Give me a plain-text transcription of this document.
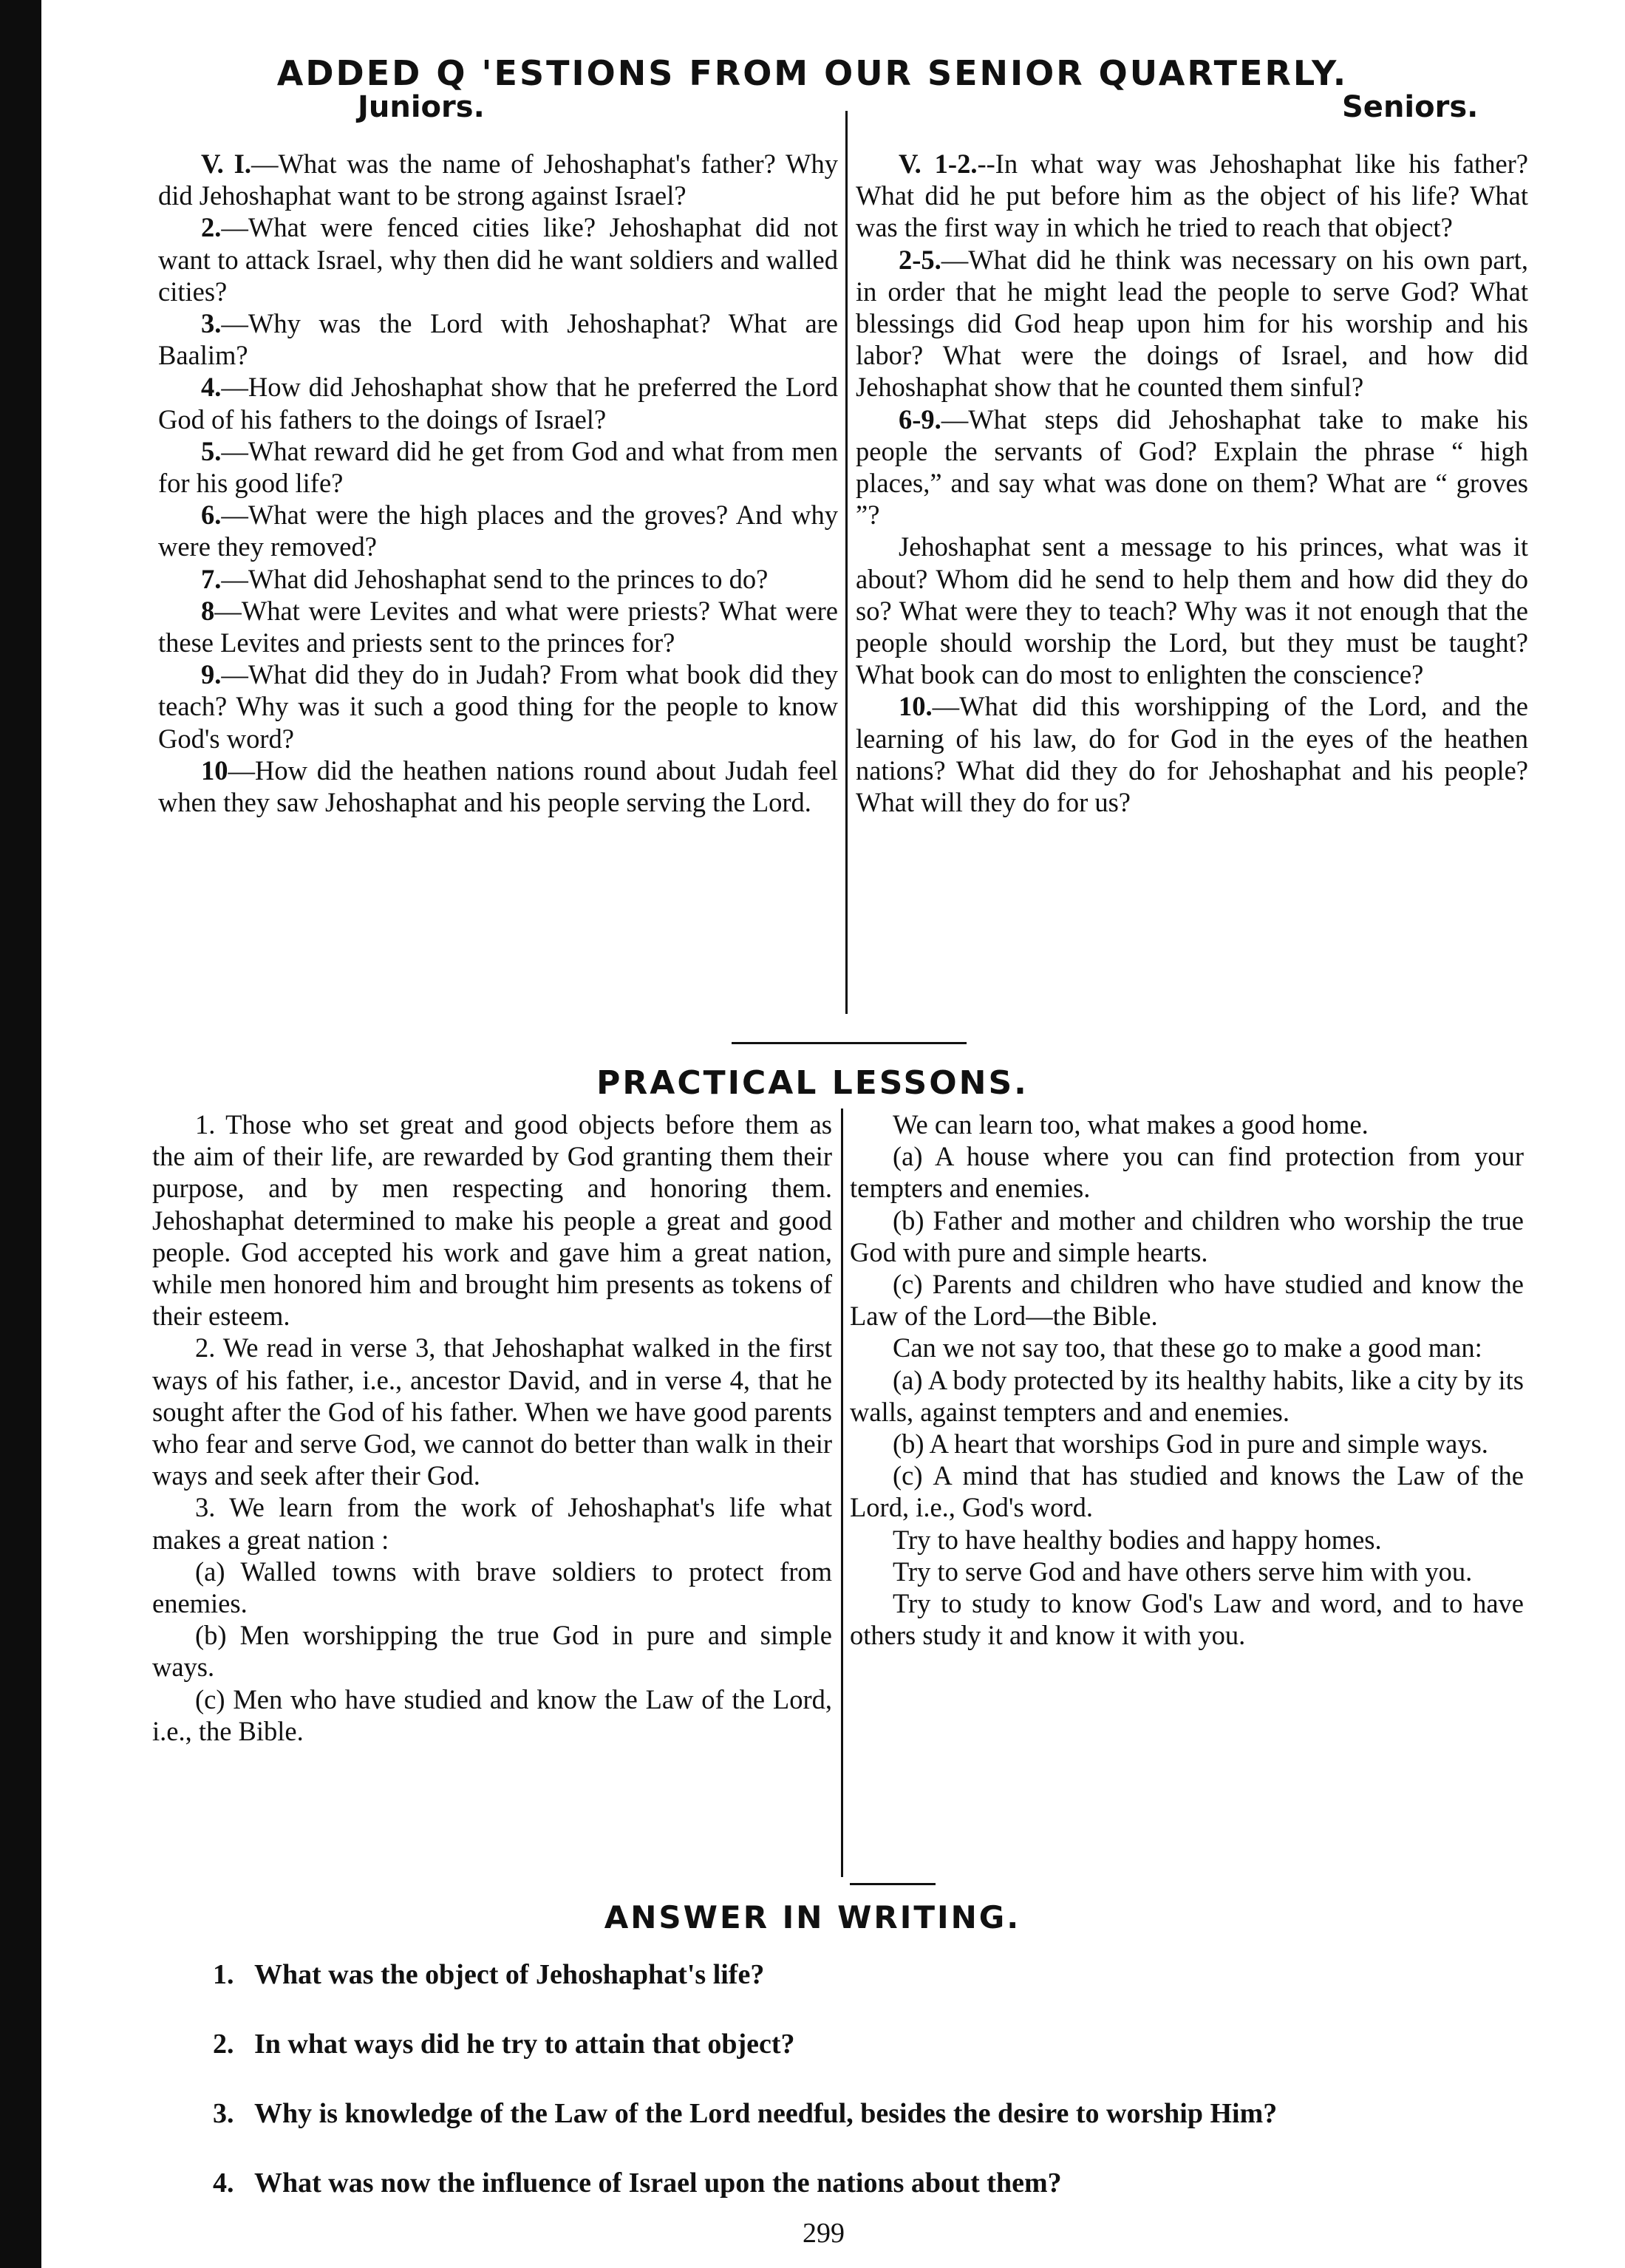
ADDED Q 'ESTIONS FROM OUR SENIOR QUARTERLY.
Juniors.	Seniors.

V. I.—What was the name of Jehoshaphat's father? Why did Jehoshaphat want to be strong against Israel?

2.—What were fenced cities like? Jehoshaphat did not want to attack Israel, why then did he want soldiers and walled cities?

3.—Why was the Lord with Jehoshaphat? What are Baalim?

4.—How did Jehoshaphat show that he preferred the Lord God of his fathers to the doings of Israel?

5.—What reward did he get from God and what from men for his good life?

6.—What were the high places and the groves? And why were they removed?

7.—What did Jehoshaphat send to the princes to do?

8—What were Levites and what were priests? What were these Levites and priests sent to the princes for?

9.—What did they do in Judah? From what book did they teach? Why was it such a good thing for the people to know God's word?

10—How did the heathen nations round about Judah feel when they saw Jehoshaphat and his people serving the Lord.

V. 1-2.--In what way was Jehoshaphat like his father? What did he put before him as the object of his life? What was the first way in which he tried to reach that object?

2-5.—What did he think was necessary on his own part, in order that he might lead the people to serve God? What blessings did God heap upon him for his worship and his labor? What were the doings of Israel, and how did Jehoshaphat show that he counted them sinful?

6-9.—What steps did Jehoshaphat take to make his people the servants of God? Explain the phrase “ high places,” and say what was done on them? What are “ groves ”?

Jehoshaphat sent a message to his princes, what was it about? Whom did he send to help them and how did they do so? What were they to teach? Why was it not enough that the people should worship the Lord, but they must be taught? What book can do most to enlighten the conscience?

10.—What did this worshipping of the Lord, and the learning of his law, do for God in the eyes of the heathen nations? What did they do for Jehoshaphat and his people? What will they do for us?

PRACTICAL LESSONS.

1. Those who set great and good objects before them as the aim of their life, are rewarded by God granting them their purpose, and by men respecting and honoring them. Jehoshaphat determined to make his people a great and good people. God accepted his work and gave him a great nation, while men honored him and brought him presents as tokens of their esteem.

2. We read in verse 3, that Jehoshaphat walked in the first ways of his father, i.e., ancestor David, and in verse 4, that he sought after the God of his father. When we have good parents who fear and serve God, we cannot do better than walk in their ways and seek after their God.

3. We learn from the work of Jehoshaphat's life what makes a great nation :

(a) Walled towns with brave soldiers to protect from enemies.

(b) Men worshipping the true God in pure and simple ways.

(c) Men who have studied and know the Law of the Lord, i.e., the Bible.

We can learn too, what makes a good home.

(a) A house where you can find protection from your tempters and enemies.

(b) Father and mother and children who worship the true God with pure and simple hearts.

(c) Parents and children who have studied and know the Law of the Lord—the Bible.

Can we not say too, that these go to make a good man:

(a) A body protected by its healthy habits, like a city by its walls, against tempters and and enemies.

(b) A heart that worships God in pure and simple ways.

(c) A mind that has studied and knows the Law of the Lord, i.e., God's word.

Try to have healthy bodies and happy homes.

Try to serve God and have others serve him with you.

Try to study to know God's Law and word, and to have others study it and know it with you.

ANSWER IN WRITING.
1. What was the object of Jehoshaphat's life?
2. In what ways did he try to attain that object?
3. Why is knowledge of the Law of the Lord needful, besides the desire to worship Him?
4. What was now the influence of Israel upon the nations about them?
299
